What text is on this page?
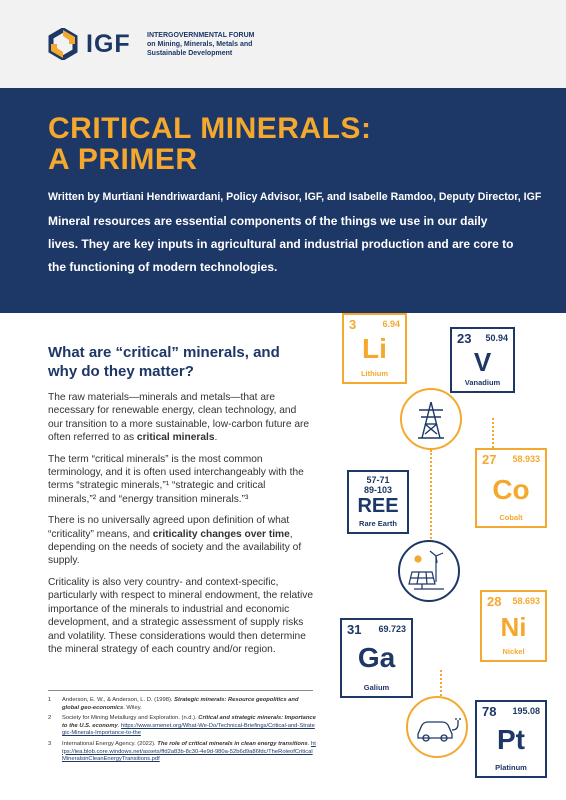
IGF INTERGOVERNMENTAL FORUM
on Mining, Minerals, Metals and
Sustainable Development
CRITICAL MINERALS:
A PRIMER
Written by Murtiani Hendriwardani, Policy Advisor, IGF, and Isabelle Ramdoo, Deputy Director, IGF
Mineral resources are essential components of the things we use in our daily lives. They are key inputs in agricultural and industrial production and are core to the functioning of modern technologies.
What are “critical” minerals, and why do they matter?

The raw materials—minerals and metals—that are necessary for renewable energy, clean technology, and our transition to a more sustainable, low-carbon future are often referred to as critical minerals.

The term “critical minerals” is the most common terminology, and it is often used interchangeably with the terms “strategic minerals,”¹ “strategic and critical minerals,”² and “energy transition minerals.”³

There is no universally agreed upon definition of what “criticality” means, and criticality changes over time, depending on the needs of society and the availability of supply.

Criticality is also very country- and context-specific, particularly with respect to mineral endowment, the relative importance of the minerals to industrial and economic development, and a strategic assessment of supply risks and volatility. These considerations would then determine the mineral strategy of each country and/or region.

1 Anderson, E. W., & Anderson, L. D. (1998). Strategic minerals: Resource geopolitics and global geo-economics. Wiley.
2 Society for Mining Metallurgy and Exploration. (n.d.). Critical and strategic minerals: Importance to the U.S. economy. https://www.smenet.org/What-We-Do/Technical-Briefings/Critical-and-Strategic-Minerals-Importance-to-the
3 International Energy Agency. (2022). The role of critical minerals in clean energy transitions. https://iea.blob.core.windows.net/assets/ffd2a83b-8c30-4e9d-980a-52b6d9a86fdc/TheRoleofCriticalMineralsinCleanEnergyTransitions.pdf
3	6.94
Li
Lithium
23 50.94
V
Vanadium
57-71
89-103
REE
Rare Earth
27 58.933
Co
Cobalt
28 58.693
Ni
Nickel
31 69.723
Ga
Galium
78 195.08
Pt
Platinum
